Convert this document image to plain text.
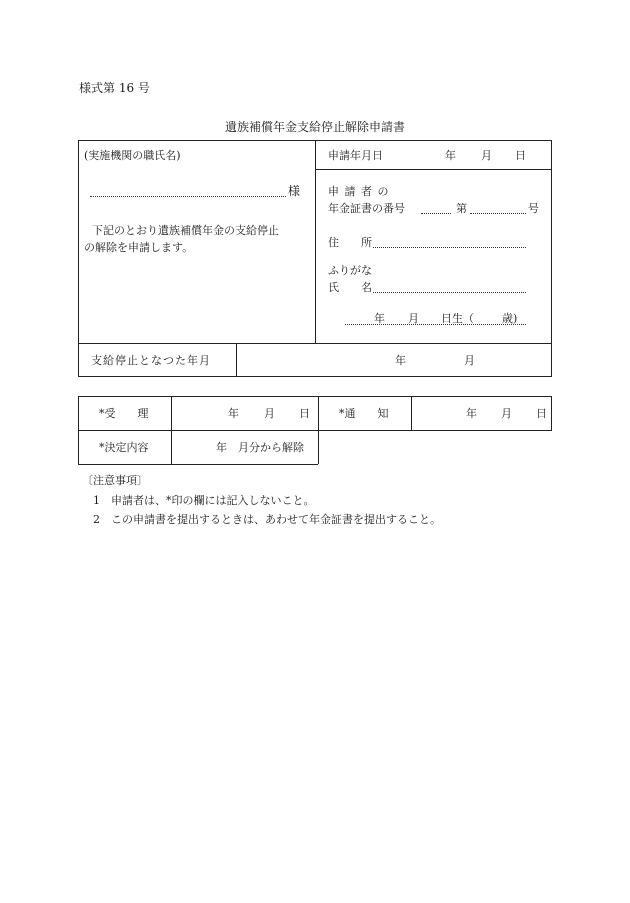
様式第 16 号
遺族補償年金支給停止解除申請書
(実施機関の職氏名)
様
下記のとおり遺族補償年金の支給停止
の解除を申請します。
申請年月日	年 月 日
申 請 者 の
年金証書の番号	第	号
住　　所
ふりがな
氏　　名
年 月 日生（	歳)
支給停止となつた年月	年	月
*受　　理	年 月 日	*通　　知	年 月 日
*決定内容	年　月分から解除
〔注意事項〕
1 申請者は、*印の欄には記入しないこと。
2 この申請書を提出するときは、あわせて年金証書を提出すること。
